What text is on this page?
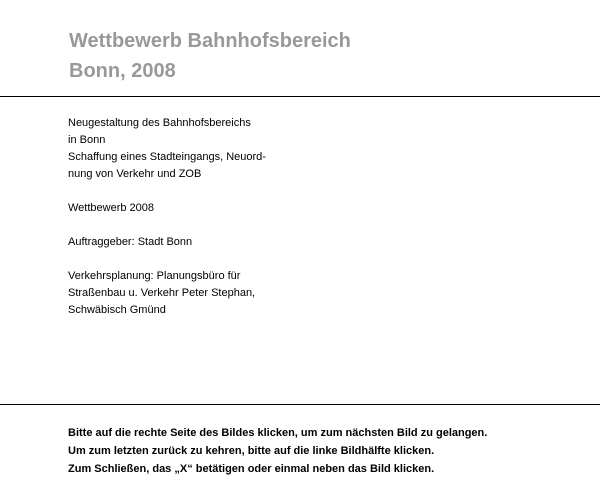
Wettbewerb Bahnhofsbereich
Bonn, 2008

Neugestaltung des Bahnhofsbereichs
in Bonn
Schaffung eines Stadteingangs, Neuord-
nung von Verkehr und ZOB

Wettbewerb 2008

Auftraggeber: Stadt Bonn

Verkehrsplanung: Planungsbüro für
Straßenbau u. Verkehr Peter Stephan,
Schwäbisch Gmünd

Bitte auf die rechte Seite des Bildes klicken, um zum nächsten Bild zu gelangen.
Um zum letzten zurück zu kehren, bitte auf die linke Bildhälfte klicken.
Zum Schließen, das „X“ betätigen oder einmal neben das Bild klicken.
